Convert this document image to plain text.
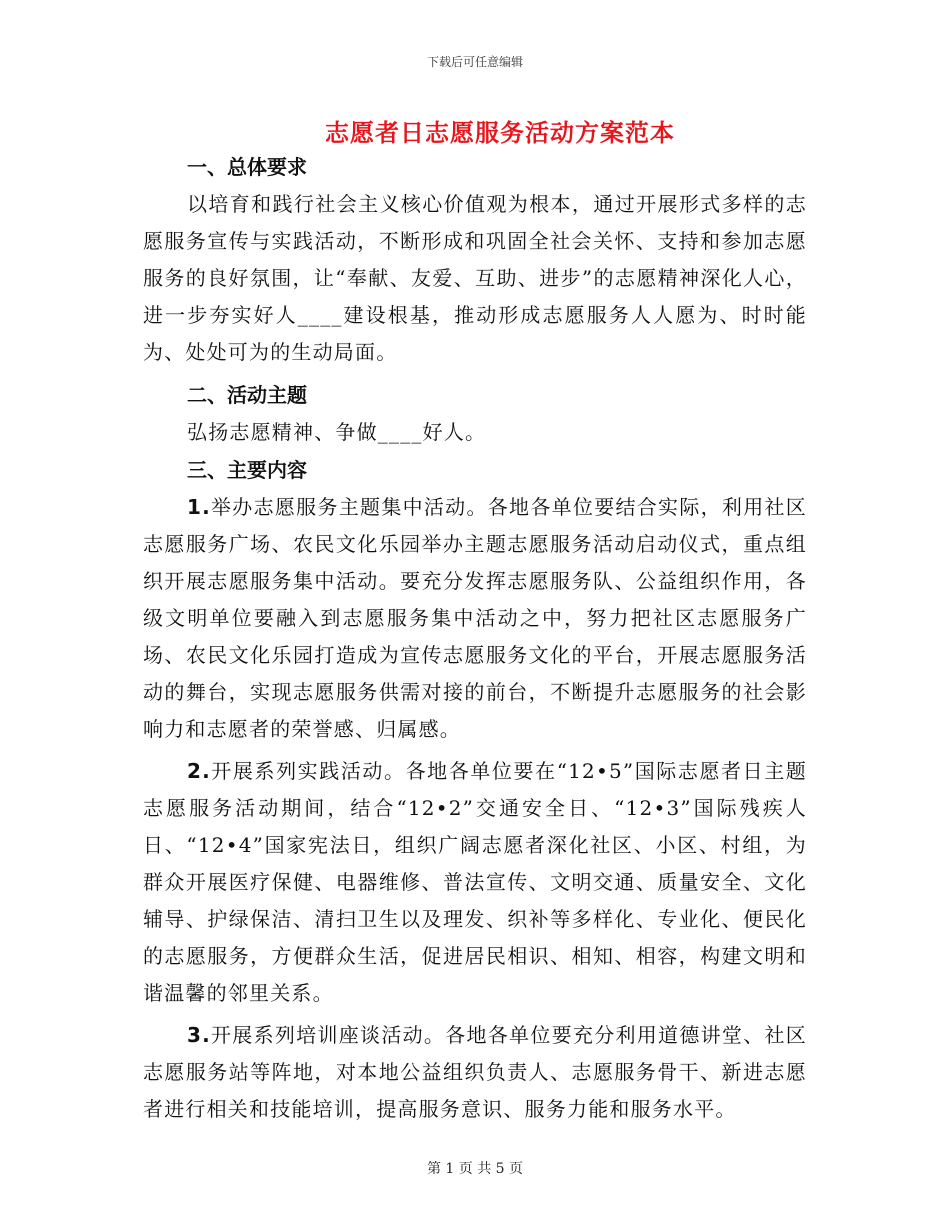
下载后可任意编辑
志愿者日志愿服务活动方案范本
一、总体要求

以培育和践行社会主义核心价值观为根本，通过开展形式多样的志愿服务宣传与实践活动，不断形成和巩固全社会关怀、支持和参加志愿服务的良好氛围，让“奉献、友爱、互助、进步”的志愿精神深化人心，进一步夯实好人____建设根基，推动形成志愿服务人人愿为、时时能为、处处可为的生动局面。

二、活动主题

弘扬志愿精神、争做____好人。

三、主要内容

1.举办志愿服务主题集中活动。各地各单位要结合实际，利用社区志愿服务广场、农民文化乐园举办主题志愿服务活动启动仪式，重点组织开展志愿服务集中活动。要充分发挥志愿服务队、公益组织作用，各级文明单位要融入到志愿服务集中活动之中，努力把社区志愿服务广场、农民文化乐园打造成为宣传志愿服务文化的平台，开展志愿服务活动的舞台，实现志愿服务供需对接的前台，不断提升志愿服务的社会影响力和志愿者的荣誉感、归属感。

2.开展系列实践活动。各地各单位要在“12•5”国际志愿者日主题志愿服务活动期间，结合“12•2”交通安全日、“12•3”国际残疾人日、“12•4”国家宪法日，组织广阔志愿者深化社区、小区、村组，为群众开展医疗保健、电器维修、普法宣传、文明交通、质量安全、文化辅导、护绿保洁、清扫卫生以及理发、织补等多样化、专业化、便民化的志愿服务，方便群众生活，促进居民相识、相知、相容，构建文明和谐温馨的邻里关系。

3.开展系列培训座谈活动。各地各单位要充分利用道德讲堂、社区志愿服务站等阵地，对本地公益组织负责人、志愿服务骨干、新进志愿者进行相关和技能培训，提高服务意识、服务力能和服务水平。

第 1 页 共 5 页
